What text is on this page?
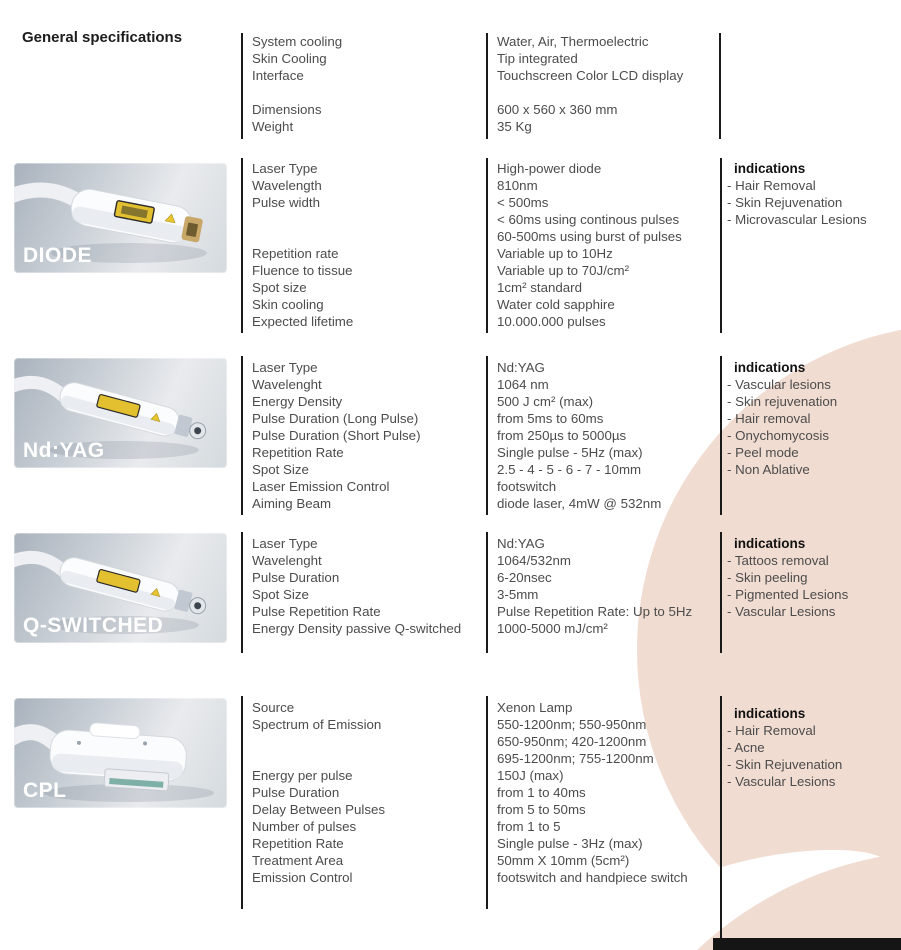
General specifications	System cooling	Water, Air, Thermoelectric
Skin Cooling	Tip integrated
Interface	Touchscreen Color LCD display
Dimensions	600 x 560 x 360 mm
Weight	35 Kg
DIODE
Laser Type	High-power diode
Wavelength	810nm
Pulse width	< 500ms
< 60ms using continous pulses
60-500ms using burst of pulses
Repetition rate	Variable up to 10Hz
Fluence to tissue	Variable up to 70J/cm²
Spot size	1cm² standard
Skin cooling	Water cold sapphire
Expected lifetime	10.000.000 pulses
indications
- Hair Removal
- Skin Rejuvenation
- Microvascular Lesions
Nd:YAG
Laser Type	Nd:YAG
Wavelenght	1064 nm
Energy Density	500 J cm² (max)
Pulse Duration (Long Pulse)	from 5ms to 60ms
Pulse Duration (Short Pulse)	from 250µs to 5000µs
Repetition Rate	Single pulse - 5Hz (max)
Spot Size	2.5 - 4 - 5 - 6 - 7 - 10mm
Laser Emission Control	footswitch
Aiming Beam	diode laser, 4mW @ 532nm
indications
- Vascular lesions
- Skin rejuvenation
- Hair removal
- Onychomycosis
- Peel mode
- Non Ablative
Q-SWITCHED
Laser Type	Nd:YAG
Wavelenght	1064/532nm
Pulse Duration	6-20nsec
Spot Size	3-5mm
Pulse Repetition Rate	Pulse Repetition Rate: Up to 5Hz
Energy Density passive Q-switched	1000-5000 mJ/cm²
indications
- Tattoos removal
- Skin peeling
- Pigmented Lesions
- Vascular Lesions
CPL
Source	Xenon Lamp
Spectrum of Emission	550-1200nm; 550-950nm
650-950nm; 420-1200nm
695-1200nm; 755-1200nm
Energy per pulse	150J (max)
Pulse Duration	from 1 to 40ms
Delay Between Pulses	from 5 to 50ms
Number of pulses	from 1 to 5
Repetition Rate	Single pulse - 3Hz (max)
Treatment Area	50mm X 10mm (5cm²)
Emission Control	footswitch and handpiece switch
indications
- Hair Removal
- Acne
- Skin Rejuvenation
- Vascular Lesions
